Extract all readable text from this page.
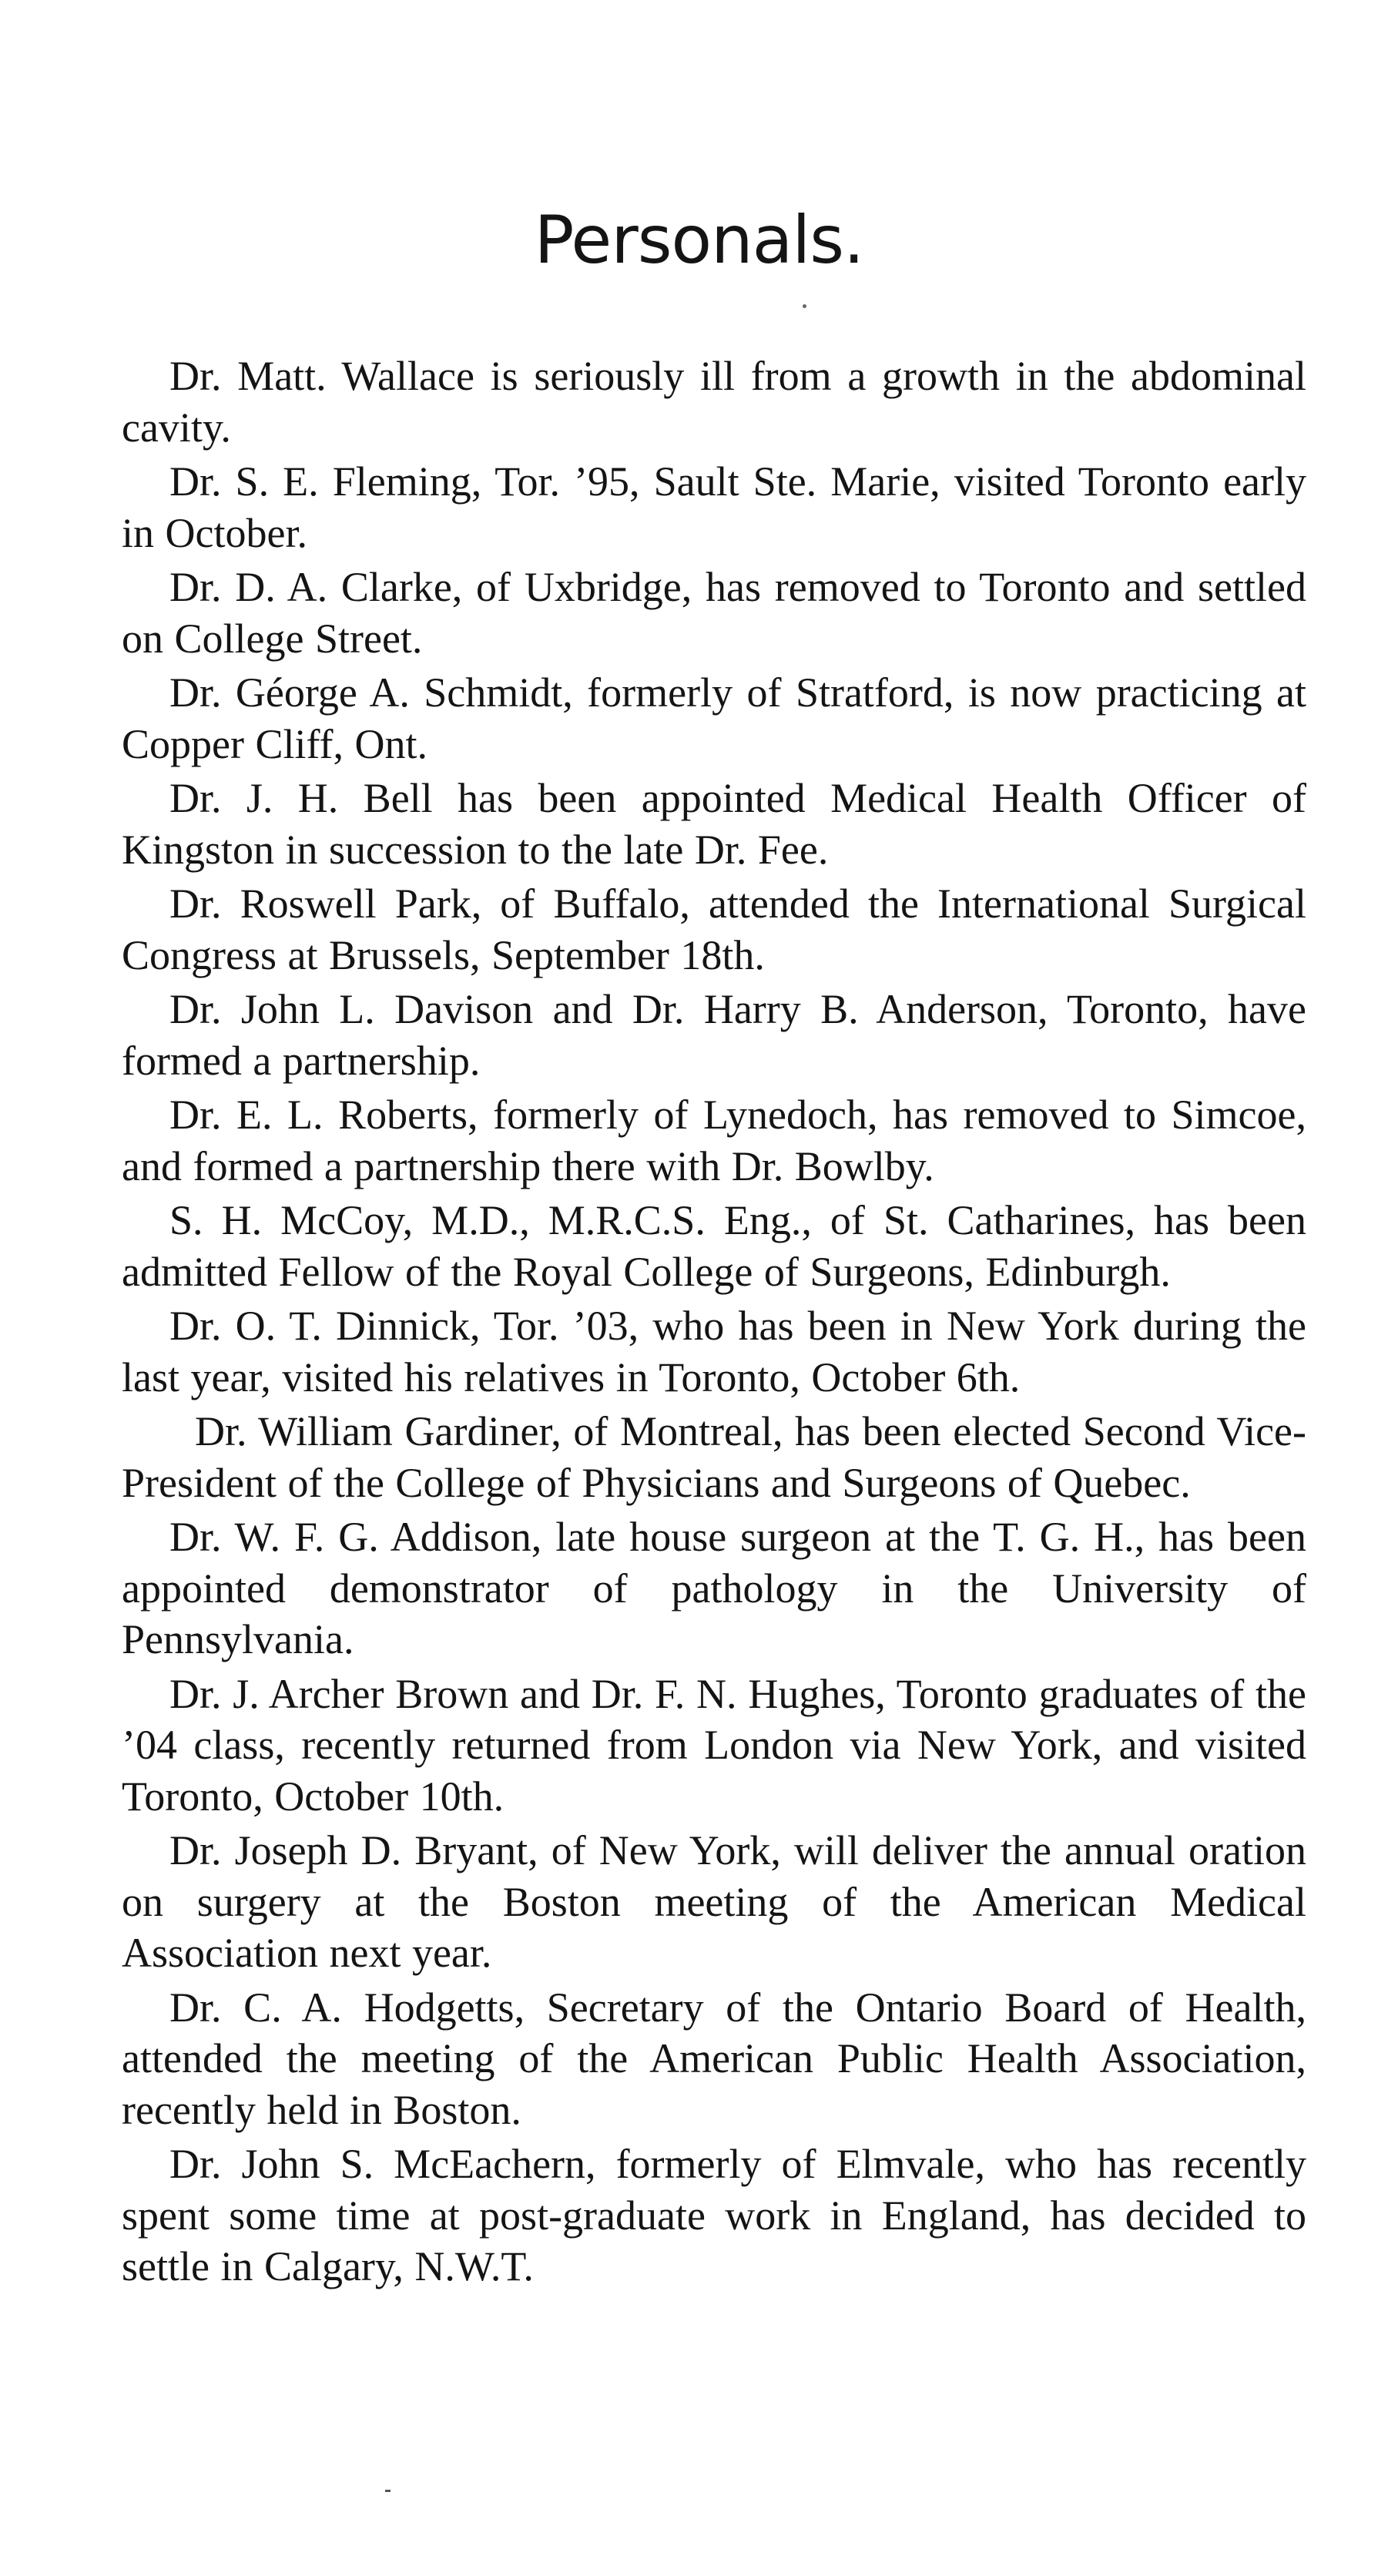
Personals.

Dr. Matt. Wallace is seriously ill from a growth in the abdominal cavity.

Dr. S. E. Fleming, Tor. ’95, Sault Ste. Marie, visited Toronto early in October.

Dr. D. A. Clarke, of Uxbridge, has removed to Toronto and settled on College Street.

Dr. Géorge A. Schmidt, formerly of Stratford, is now practicing at Copper Cliff, Ont.

Dr. J. H. Bell has been appointed Medical Health Officer of Kingston in succession to the late Dr. Fee.

Dr. Roswell Park, of Buffalo, attended the International Surgical Congress at Brussels, September 18th.

Dr. John L. Davison and Dr. Harry B. Anderson, Toronto, have formed a partnership.

Dr. E. L. Roberts, formerly of Lynedoch, has removed to Simcoe, and formed a partnership there with Dr. Bowlby.

S. H. McCoy, M.D., M.R.C.S. Eng., of St. Catharines, has been admitted Fellow of the Royal College of Surgeons, Edinburgh.

Dr. O. T. Dinnick, Tor. ’03, who has been in New York during the last year, visited his relatives in Toronto, October 6th.

Dr. William Gardiner, of Montreal, has been elected Second Vice-President of the College of Physicians and Surgeons of Quebec.

Dr. W. F. G. Addison, late house surgeon at the T. G. H., has been appointed demonstrator of pathology in the University of Pennsylvania.

Dr. J. Archer Brown and Dr. F. N. Hughes, Toronto graduates of the ’04 class, recently returned from London via New York, and visited Toronto, October 10th.

Dr. Joseph D. Bryant, of New York, will deliver the annual oration on surgery at the Boston meeting of the American Medical Association next year.

Dr. C. A. Hodgetts, Secretary of the Ontario Board of Health, attended the meeting of the American Public Health Association, recently held in Boston.

Dr. John S. McEachern, formerly of Elmvale, who has recently spent some time at post-graduate work in England, has decided to settle in Calgary, N.W.T.
